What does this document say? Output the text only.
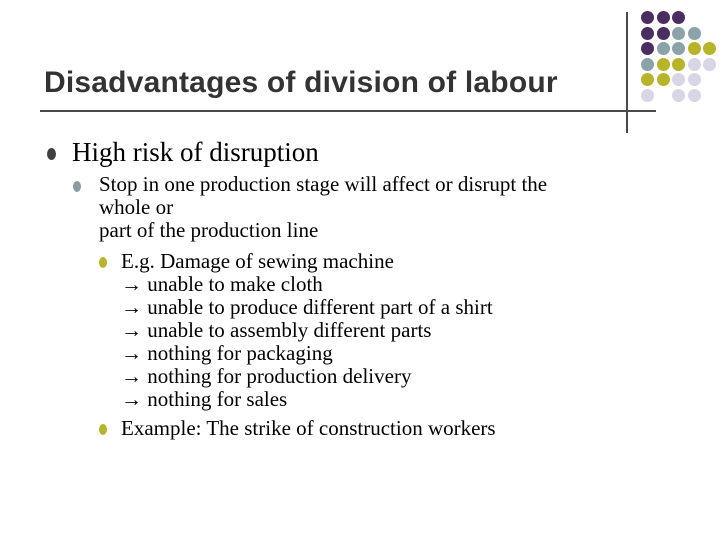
Disadvantages of division of labour
High risk of disruption
Stop in one production stage will affect or disrupt the
whole or
part of the production line
E.g. Damage of sewing machine
→ unable to make cloth
→ unable to produce different part of a shirt
→ unable to assembly different parts
→ nothing for packaging
→ nothing for production delivery
→ nothing for sales
Example: The strike of construction workers
